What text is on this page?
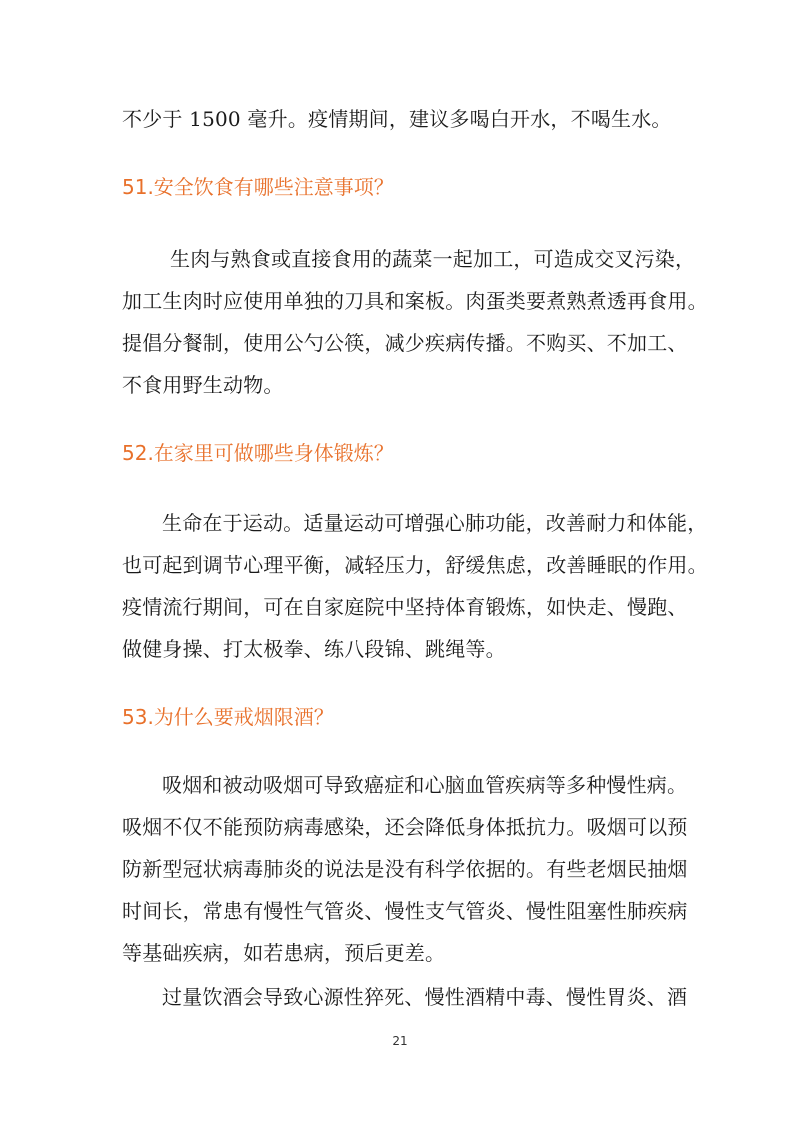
不少于 1500 毫升。疫情期间，建议多喝白开水，不喝生水。
51.安全饮食有哪些注意事项？
生肉与熟食或直接食用的蔬菜一起加工，可造成交叉污染，
加工生肉时应使用单独的刀具和案板。肉蛋类要煮熟煮透再食用。
提倡分餐制，使用公勺公筷，减少疾病传播。不购买、不加工、
不食用野生动物。
52.在家里可做哪些身体锻炼？
生命在于运动。适量运动可增强心肺功能，改善耐力和体能，
也可起到调节心理平衡，减轻压力，舒缓焦虑，改善睡眠的作用。
疫情流行期间，可在自家庭院中坚持体育锻炼，如快走、慢跑、
做健身操、打太极拳、练八段锦、跳绳等。
53.为什么要戒烟限酒？
吸烟和被动吸烟可导致癌症和心脑血管疾病等多种慢性病。
吸烟不仅不能预防病毒感染，还会降低身体抵抗力。吸烟可以预
防新型冠状病毒肺炎的说法是没有科学依据的。有些老烟民抽烟
时间长，常患有慢性气管炎、慢性支气管炎、慢性阻塞性肺疾病
等基础疾病，如若患病，预后更差。
过量饮酒会导致心源性猝死、慢性酒精中毒、慢性胃炎、酒
21
